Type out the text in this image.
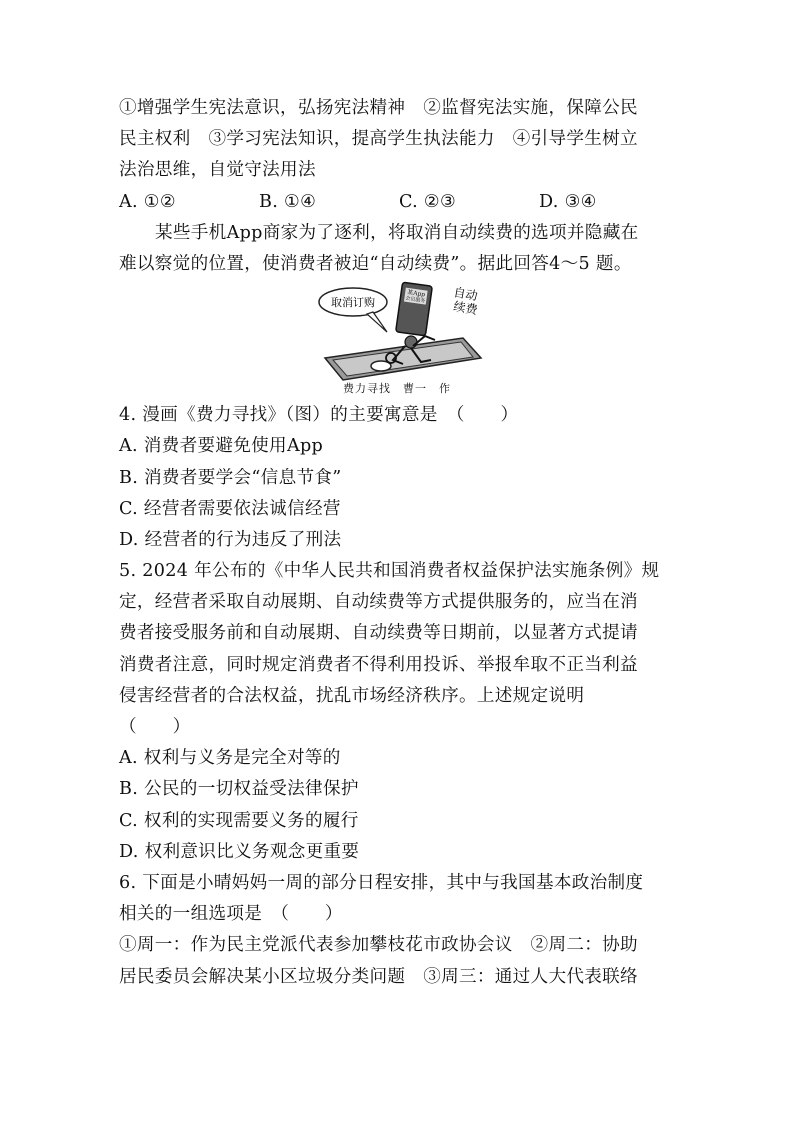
①增强学生宪法意识，弘扬宪法精神　②监督宪法实施，保障公民
民主权利　③学习宪法知识，提高学生执法能力　④引导学生树立
法治思维，自觉守法用法
A. ①②	B. ①④	C. ②③	D. ③④
某些手机App商家为了逐利，将取消自动续费的选项并隐藏在
难以察觉的位置，使消费者被迫“自动续费”。据此回答4～5 题。
取消订购
某App
会员服务 自动
续费
费力寻找　曹一　作
4. 漫画《费力寻找》（图）的主要寓意是　（　　）
A. 消费者要避免使用App
B. 消费者要学会“信息节食”
C. 经营者需要依法诚信经营
D. 经营者的行为违反了刑法
5. 2024 年公布的《中华人民共和国消费者权益保护法实施条例》规
定，经营者采取自动展期、自动续费等方式提供服务的，应当在消
费者接受服务前和自动展期、自动续费等日期前，以显著方式提请
消费者注意，同时规定消费者不得利用投诉、举报牟取不正当利益
侵害经营者的合法权益，扰乱市场经济秩序。上述规定说明
（　　）
A. 权利与义务是完全对等的
B. 公民的一切权益受法律保护
C. 权利的实现需要义务的履行
D. 权利意识比义务观念更重要
6. 下面是小晴妈妈一周的部分日程安排，其中与我国基本政治制度
相关的一组选项是　（　　）
①周一：作为民主党派代表参加攀枝花市政协会议　②周二：协助
居民委员会解决某小区垃圾分类问题　③周三：通过人大代表联络
